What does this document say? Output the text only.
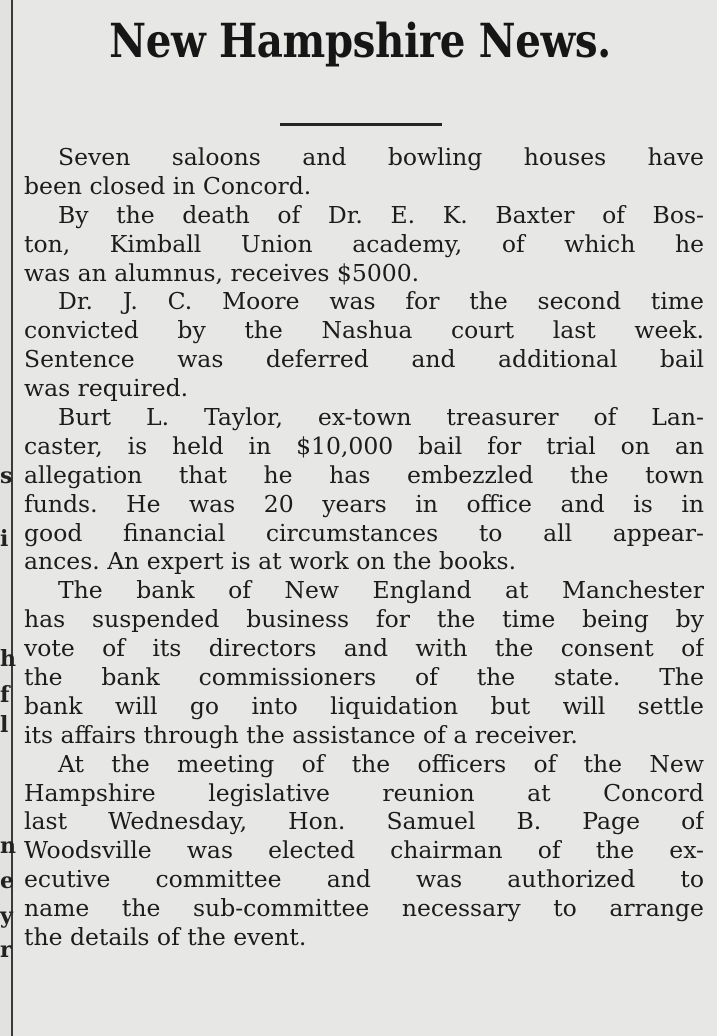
s
i
h
f
l
n
e
y
r
New Hampshire News.
Seven saloons and bowling houses have
been closed in Concord.
By the death of Dr. E. K. Baxter of Bos-
ton, Kimball Union academy, of which he
was an alumnus, receives $5000.
Dr. J. C. Moore was for the second time
convicted by the Nashua court last week.
Sentence was deferred and additional bail
was required.
Burt L. Taylor, ex-town treasurer of Lan-
caster, is held in $10,000 bail for trial on an
allegation that he has embezzled the town
funds. He was 20 years in office and is in
good financial circumstances to all appear-
ances. An expert is at work on the books.
The bank of New England at Manchester
has suspended business for the time being by
vote of its directors and with the consent of
the bank commissioners of the state. The
bank will go into liquidation but will settle
its affairs through the assistance of a receiver.
At the meeting of the officers of the New
Hampshire legislative reunion at Concord
last Wednesday, Hon. Samuel B. Page of
Woodsville was elected chairman of the ex-
ecutive committee and was authorized to
name the sub-committee necessary to arrange
the details of the event.
